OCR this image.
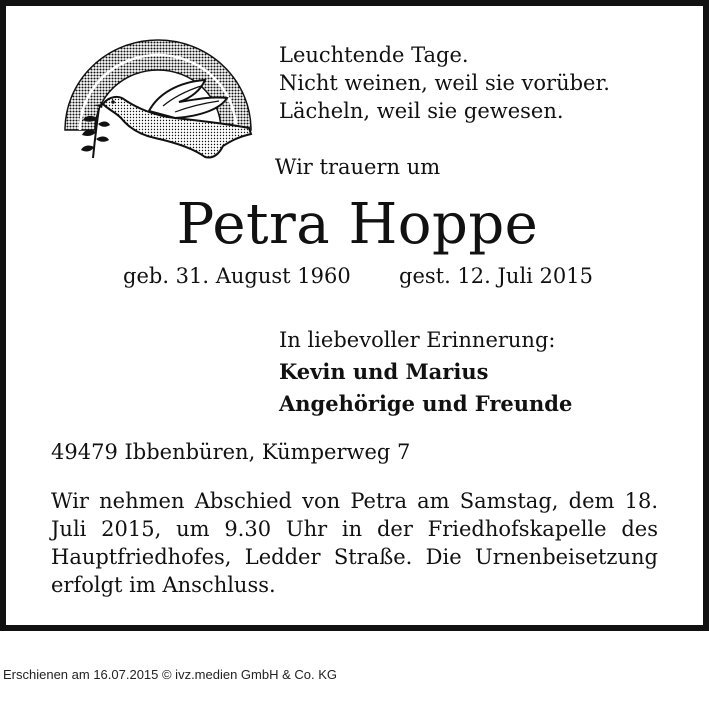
Leuchtende Tage.
Nicht weinen, weil sie vorüber.
Lächeln, weil sie gewesen.
Wir trauern um
Petra Hoppe
geb. 31. August 1960 gest. 12. Juli 2015
In liebevoller Erinnerung:
Kevin und Marius
Angehörige und Freunde
49479 Ibbenbüren, Kümperweg 7
Wir nehmen Abschied von Petra am Samstag, dem 18. Juli 2015, um 9.30 Uhr in der Friedhofskapelle des Hauptfriedhofes, Ledder Straße. Die Urnenbeisetzung erfolgt im Anschluss.
Erschienen am 16.07.2015 © ivz.medien GmbH & Co. KG
